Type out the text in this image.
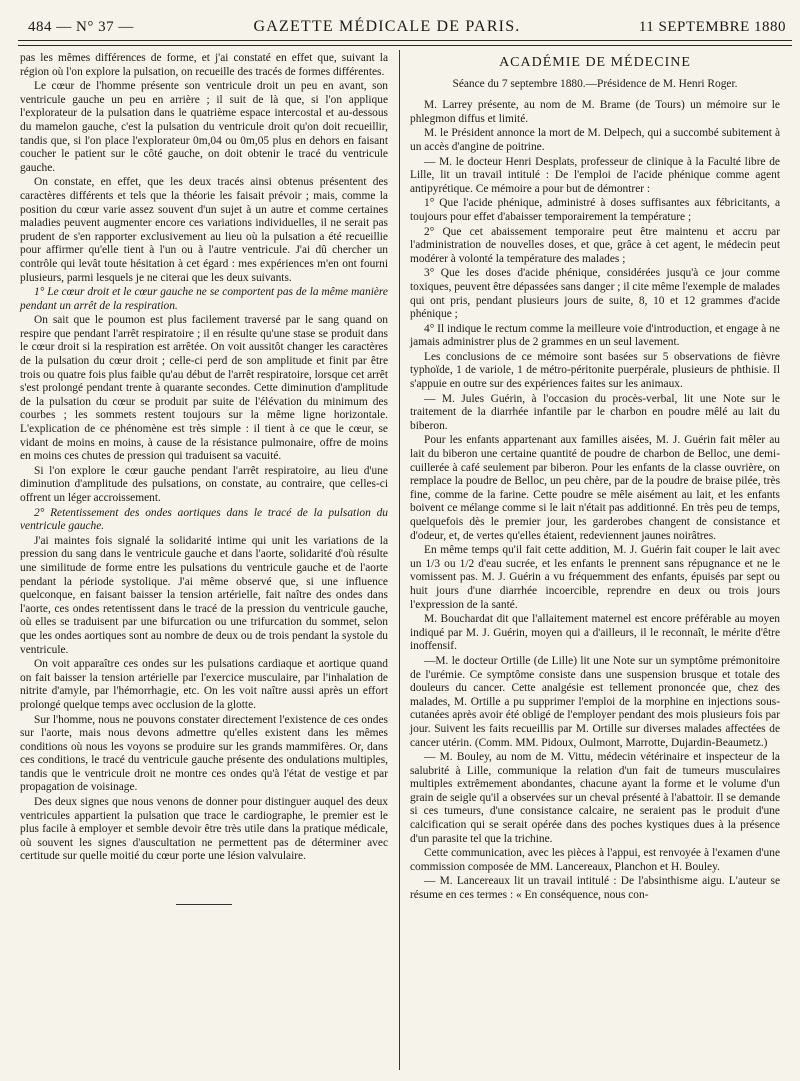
484 — N° 37 —	GAZETTE MÉDICALE DE PARIS.	11 SEPTEMBRE 1880

pas les mêmes différences de forme, et j'ai constaté en effet que, suivant la région où l'on explore la pulsation, on recueille des tracés de formes différentes.

Le cœur de l'homme présente son ventricule droit un peu en avant, son ventricule gauche un peu en arrière ; il suit de là que, si l'on applique l'explorateur de la pulsation dans le quatrième espace intercostal et au-dessous du mamelon gauche, c'est la pulsation du ventricule droit qu'on doit recueillir, tandis que, si l'on place l'explorateur 0m,04 ou 0m,05 plus en dehors en faisant coucher le patient sur le côté gauche, on doit obtenir le tracé du ventricule gauche.

On constate, en effet, que les deux tracés ainsi obtenus présentent des caractères différents et tels que la théorie les faisait prévoir ; mais, comme la position du cœur varie assez souvent d'un sujet à un autre et comme certaines maladies peuvent augmenter encore ces variations individuelles, il ne serait pas prudent de s'en rapporter exclusivement au lieu où la pulsation a été recueillie pour affirmer qu'elle tient à l'un ou à l'autre ventricule. J'ai dû chercher un contrôle qui levât toute hésitation à cet égard : mes expériences m'en ont fourni plusieurs, parmi lesquels je ne citerai que les deux suivants.

1° Le cœur droit et le cœur gauche ne se comportent pas de la même manière pendant un arrêt de la respiration.

On sait que le poumon est plus facilement traversé par le sang quand on respire que pendant l'arrêt respiratoire ; il en résulte qu'une stase se produit dans le cœur droit si la respiration est arrêtée. On voit aussitôt changer les caractères de la pulsation du cœur droit ; celle-ci perd de son amplitude et finit par être trois ou quatre fois plus faible qu'au début de l'arrêt respiratoire, lorsque cet arrêt s'est prolongé pendant trente à quarante secondes. Cette diminution d'amplitude de la pulsation du cœur se produit par suite de l'élévation du minimum des courbes ; les sommets restent toujours sur la même ligne horizontale. L'explication de ce phénomène est très simple : il tient à ce que le cœur, se vidant de moins en moins, à cause de la résistance pulmonaire, offre de moins en moins ces chutes de pression qui traduisent sa vacuité.

Si l'on explore le cœur gauche pendant l'arrêt respiratoire, au lieu d'une diminution d'amplitude des pulsations, on constate, au contraire, que celles-ci offrent un léger accroissement.

2° Retentissement des ondes aortiques dans le tracé de la pulsation du ventricule gauche.

J'ai maintes fois signalé la solidarité intime qui unit les variations de la pression du sang dans le ventricule gauche et dans l'aorte, solidarité d'où résulte une similitude de forme entre les pulsations du ventricule gauche et de l'aorte pendant la période systolique. J'ai même observé que, si une influence quelconque, en faisant baisser la tension artérielle, fait naître des ondes dans l'aorte, ces ondes retentissent dans le tracé de la pression du ventricule gauche, où elles se traduisent par une bifurcation ou une trifurcation du sommet, selon que les ondes aortiques sont au nombre de deux ou de trois pendant la systole du ventricule.

On voit apparaître ces ondes sur les pulsations cardiaque et aortique quand on fait baisser la tension artérielle par l'exercice musculaire, par l'inhalation de nitrite d'amyle, par l'hémorrhagie, etc. On les voit naître aussi après un effort prolongé quelque temps avec occlusion de la glotte.

Sur l'homme, nous ne pouvons constater directement l'existence de ces ondes sur l'aorte, mais nous devons admettre qu'elles existent dans les mêmes conditions où nous les voyons se produire sur les grands mammifères. Or, dans ces conditions, le tracé du ventricule gauche présente des ondulations multiples, tandis que le ventricule droit ne montre ces ondes qu'à l'état de vestige et par propagation de voisinage.

Des deux signes que nous venons de donner pour distinguer auquel des deux ventricules appartient la pulsation que trace le cardiographe, le premier est le plus facile à employer et semble devoir être très utile dans la pratique médicale, où souvent les signes d'auscultation ne permettent pas de déterminer avec certitude sur quelle moitié du cœur porte une lésion valvulaire.

ACADÉMIE DE MÉDECINE
Séance du 7 septembre 1880.—Présidence de M. Henri Roger.

M. Larrey présente, au nom de M. Brame (de Tours) un mémoire sur le phlegmon diffus et limité.

M. le Président annonce la mort de M. Delpech, qui a succombé subitement à un accès d'angine de poitrine.

— M. le docteur Henri Desplats, professeur de clinique à la Faculté libre de Lille, lit un travail intitulé : De l'emploi de l'acide phénique comme agent antipyrétique. Ce mémoire a pour but de démontrer :

1° Que l'acide phénique, administré à doses suffisantes aux fébricitants, a toujours pour effet d'abaisser temporairement la température ;

2° Que cet abaissement temporaire peut être maintenu et accru par l'administration de nouvelles doses, et que, grâce à cet agent, le médecin peut modérer à volonté la température des malades ;

3° Que les doses d'acide phénique, considérées jusqu'à ce jour comme toxiques, peuvent être dépassées sans danger ; il cite même l'exemple de malades qui ont pris, pendant plusieurs jours de suite, 8, 10 et 12 grammes d'acide phénique ;

4° Il indique le rectum comme la meilleure voie d'introduction, et engage à ne jamais administrer plus de 2 grammes en un seul lavement.

Les conclusions de ce mémoire sont basées sur 5 observations de fièvre typhoïde, 1 de variole, 1 de métro-péritonite puerpérale, plusieurs de phthisie. Il s'appuie en outre sur des expériences faites sur les animaux.

— M. Jules Guérin, à l'occasion du procès-verbal, lit une Note sur le traitement de la diarrhée infantile par le charbon en poudre mêlé au lait du biberon.

Pour les enfants appartenant aux familles aisées, M. J. Guérin fait mêler au lait du biberon une certaine quantité de poudre de charbon de Belloc, une demi-cuillerée à café seulement par biberon. Pour les enfants de la classe ouvrière, on remplace la poudre de Belloc, un peu chère, par de la poudre de braise pilée, très fine, comme de la farine. Cette poudre se mêle aisément au lait, et les enfants boivent ce mélange comme si le lait n'était pas additionné. En très peu de temps, quelquefois dès le premier jour, les garderobes changent de consistance et d'odeur, et, de vertes qu'elles étaient, redeviennent jaunes noirâtres.

En même temps qu'il fait cette addition, M. J. Guérin fait couper le lait avec un 1/3 ou 1/2 d'eau sucrée, et les enfants le prennent sans répugnance et ne le vomissent pas. M. J. Guérin a vu fréquemment des enfants, épuisés par sept ou huit jours d'une diarrhée incoercible, reprendre en deux ou trois jours l'expression de la santé.

M. Bouchardat dit que l'allaitement maternel est encore préférable au moyen indiqué par M. J. Guérin, moyen qui a d'ailleurs, il le reconnaît, le mérite d'être inoffensif.

—M. le docteur Ortille (de Lille) lit une Note sur un symptôme prémonitoire de l'urémie. Ce symptôme consiste dans une suspension brusque et totale des douleurs du cancer. Cette analgésie est tellement prononcée que, chez des malades, M. Ortille a pu supprimer l'emploi de la morphine en injections sous-cutanées après avoir été obligé de l'employer pendant des mois plusieurs fois par jour. Suivent les faits recueillis par M. Ortille sur diverses malades affectées de cancer utérin. (Comm. MM. Pidoux, Oulmont, Marrotte, Dujardin-Beaumetz.)

— M. Bouley, au nom de M. Vittu, médecin vétérinaire et inspecteur de la salubrité à Lille, communique la relation d'un fait de tumeurs musculaires multiples extrêmement abondantes, chacune ayant la forme et le volume d'un grain de seigle qu'il a observées sur un cheval présenté à l'abattoir. Il se demande si ces tumeurs, d'une consistance calcaire, ne seraient pas le produit d'une calcification qui se serait opérée dans des poches kystiques dues à la présence d'un parasite tel que la trichine.

Cette communication, avec les pièces à l'appui, est renvoyée à l'examen d'une commission composée de MM. Lancereaux, Planchon et H. Bouley.

— M. Lancereaux lit un travail intitulé : De l'absinthisme aigu. L'auteur se résume en ces termes : « En conséquence, nous con-
